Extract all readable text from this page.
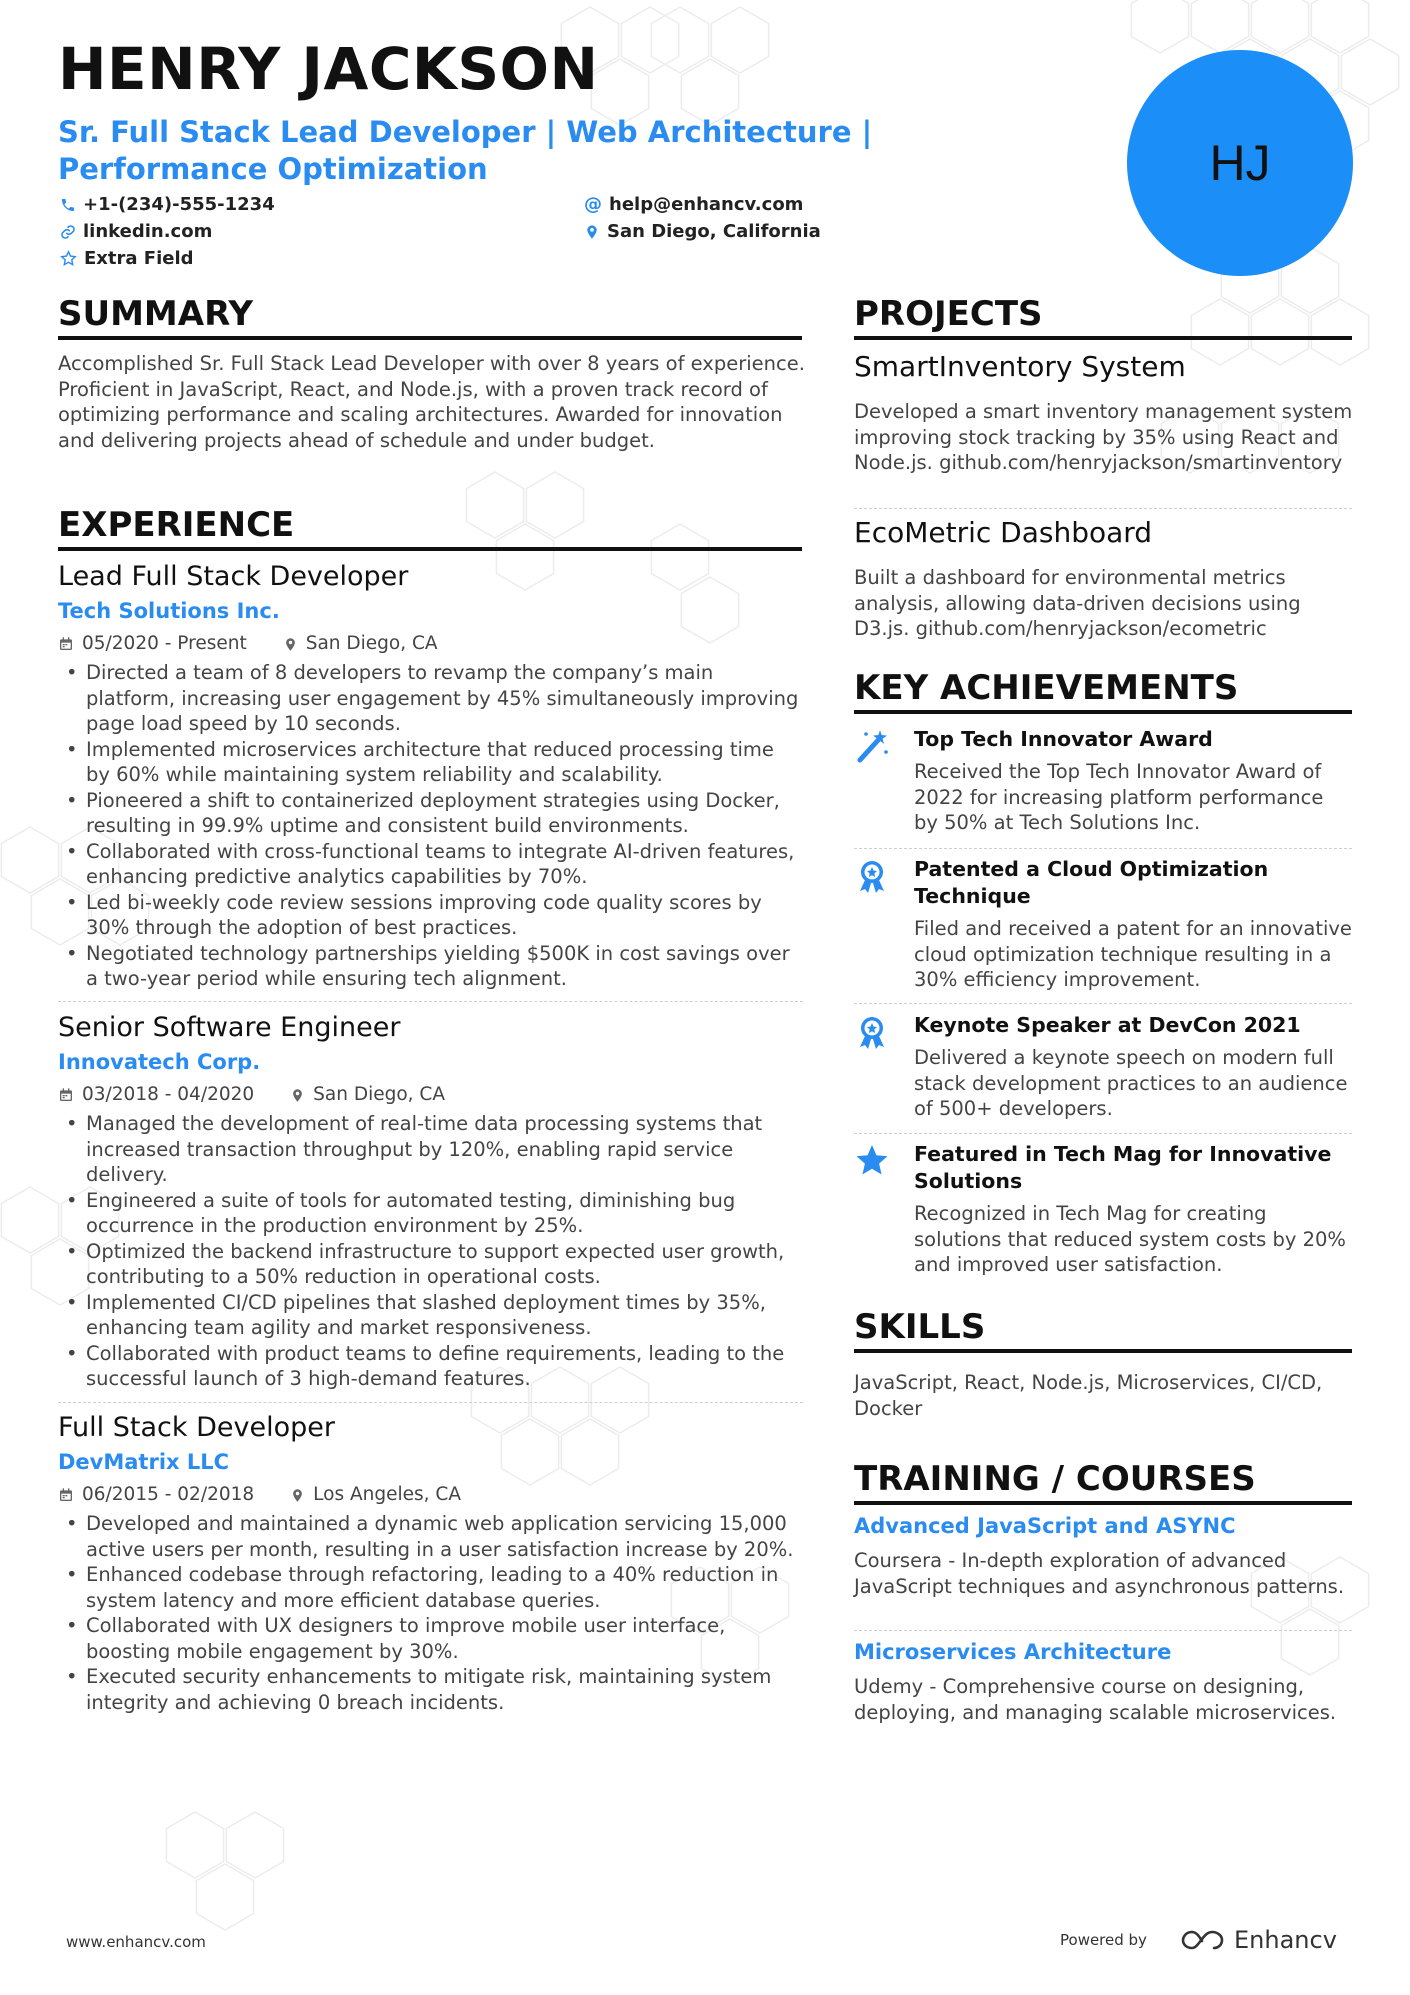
HENRY JACKSON
Sr. Full Stack Lead Developer | Web Architecture | Performance Optimization
+1-(234)-555-1234	@ help@enhancv.com
linkedin.com	San Diego, California
Extra Field
HJ
SUMMARY
Accomplished Sr. Full Stack Lead Developer with over 8 years of experience. Proficient in JavaScript, React, and Node.js, with a proven track record of optimizing performance and scaling architectures. Awarded for innovation and delivering projects ahead of schedule and under budget.
EXPERIENCE
Lead Full Stack Developer
Tech Solutions Inc.
05/2020 - Present	San Diego, CA
• Directed a team of 8 developers to revamp the company’s main platform, increasing user engagement by 45% simultaneously improving page load speed by 10 seconds.
• Implemented microservices architecture that reduced processing time by 60% while maintaining system reliability and scalability.
• Pioneered a shift to containerized deployment strategies using Docker, resulting in 99.9% uptime and consistent build environments.
• Collaborated with cross-functional teams to integrate AI-driven features, enhancing predictive analytics capabilities by 70%.
• Led bi-weekly code review sessions improving code quality scores by 30% through the adoption of best practices.
• Negotiated technology partnerships yielding $500K in cost savings over a two-year period while ensuring tech alignment.
Senior Software Engineer
Innovatech Corp.
03/2018 - 04/2020	San Diego, CA
• Managed the development of real-time data processing systems that increased transaction throughput by 120%, enabling rapid service delivery.
• Engineered a suite of tools for automated testing, diminishing bug occurrence in the production environment by 25%.
• Optimized the backend infrastructure to support expected user growth, contributing to a 50% reduction in operational costs.
• Implemented CI/CD pipelines that slashed deployment times by 35%, enhancing team agility and market responsiveness.
• Collaborated with product teams to define requirements, leading to the successful launch of 3 high-demand features.
Full Stack Developer
DevMatrix LLC
06/2015 - 02/2018	Los Angeles, CA
• Developed and maintained a dynamic web application servicing 15,000 active users per month, resulting in a user satisfaction increase by 20%.
• Enhanced codebase through refactoring, leading to a 40% reduction in system latency and more efficient database queries.
• Collaborated with UX designers to improve mobile user interface, boosting mobile engagement by 30%.
• Executed security enhancements to mitigate risk, maintaining system integrity and achieving 0 breach incidents.
PROJECTS
SmartInventory System
Developed a smart inventory management system improving stock tracking by 35% using React and Node.js. github.com/henryjackson/smartinventory
EcoMetric Dashboard
Built a dashboard for environmental metrics analysis, allowing data-driven decisions using D3.js. github.com/henryjackson/ecometric
KEY ACHIEVEMENTS
Top Tech Innovator Award
Received the Top Tech Innovator Award of 2022 for increasing platform performance by 50% at Tech Solutions Inc.
Patented a Cloud Optimization Technique
Filed and received a patent for an innovative cloud optimization technique resulting in a 30% efficiency improvement.
Keynote Speaker at DevCon 2021
Delivered a keynote speech on modern full stack development practices to an audience of 500+ developers.
Featured in Tech Mag for Innovative Solutions
Recognized in Tech Mag for creating solutions that reduced system costs by 20% and improved user satisfaction.
SKILLS
JavaScript, React, Node.js, Microservices, CI/CD, Docker
TRAINING / COURSES
Advanced JavaScript and ASYNC
Coursera - In-depth exploration of advanced JavaScript techniques and asynchronous patterns.
Microservices Architecture
Udemy - Comprehensive course on designing, deploying, and managing scalable microservices.
www.enhancv.com	Powered by	Enhancv
